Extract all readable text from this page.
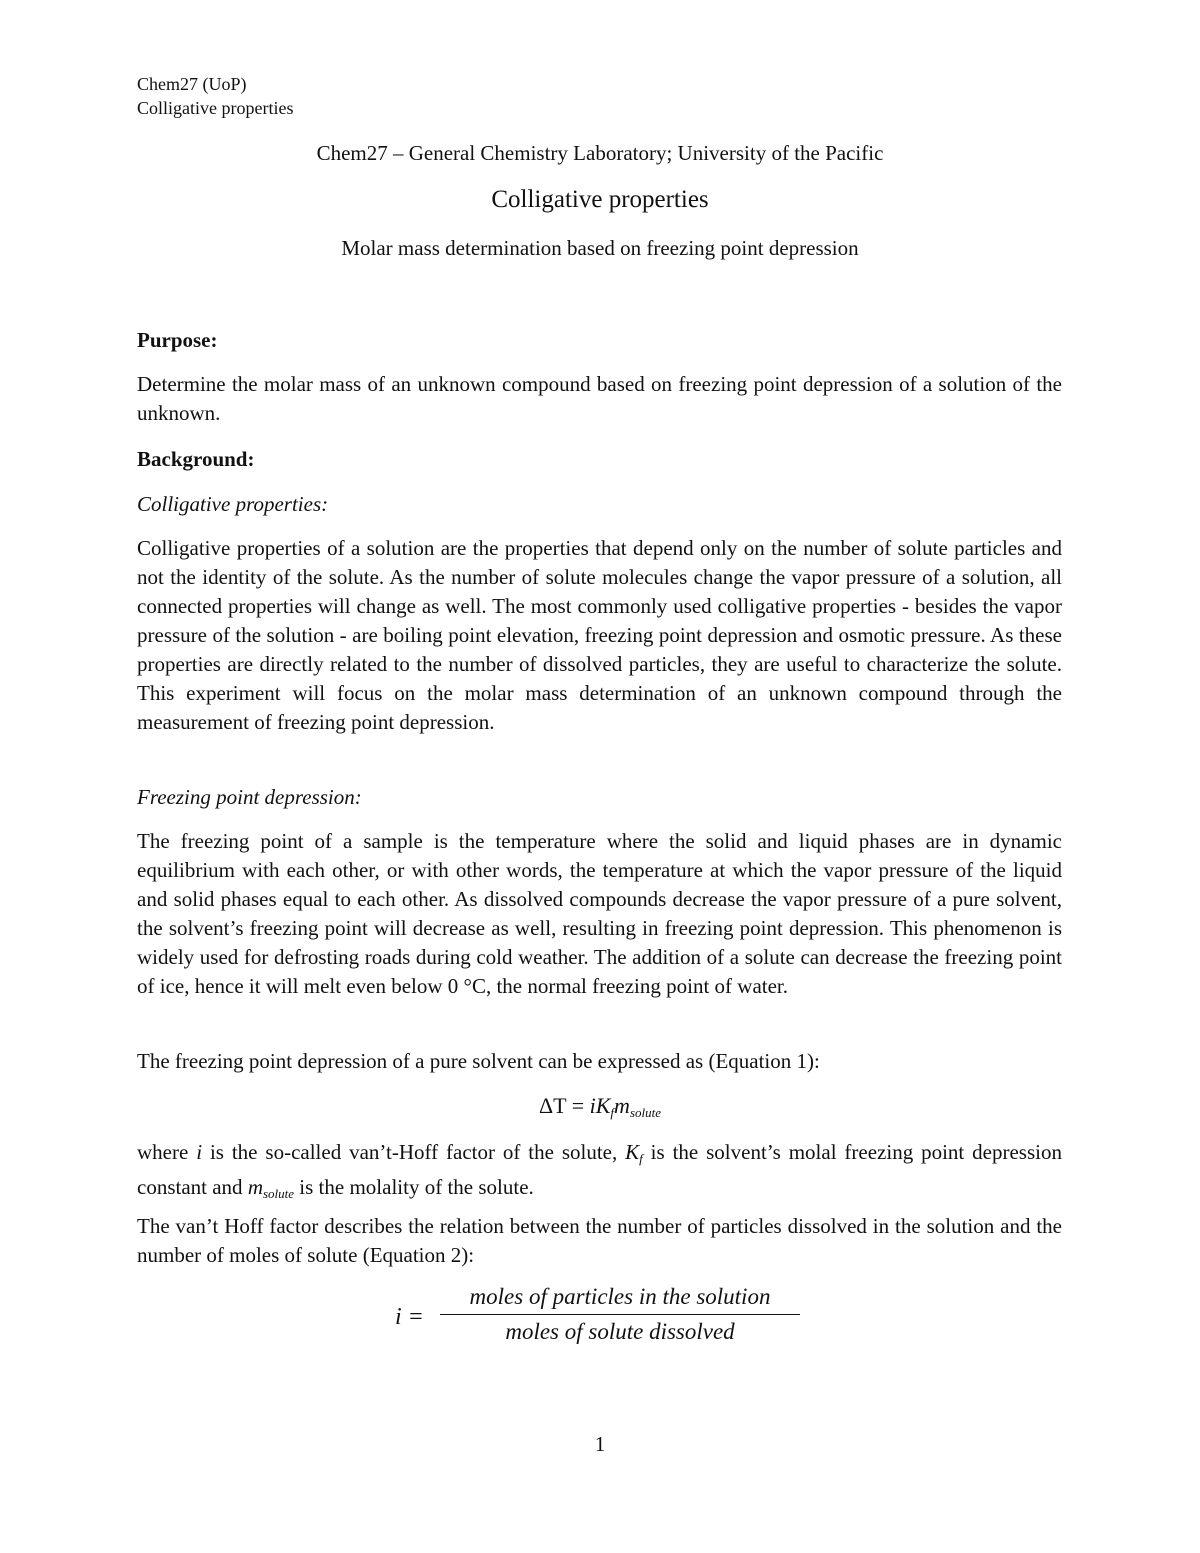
Chem27 (UoP)
Colligative properties
Chem27 – General Chemistry Laboratory; University of the Pacific
Colligative properties
Molar mass determination based on freezing point depression
Purpose:
Determine the molar mass of an unknown compound based on freezing point depression of a solution of the unknown.
Background:
Colligative properties:
Colligative properties of a solution are the properties that depend only on the number of solute particles and not the identity of the solute. As the number of solute molecules change the vapor pressure of a solution, all connected properties will change as well. The most commonly used colligative properties - besides the vapor pressure of the solution - are boiling point elevation, freezing point depression and osmotic pressure. As these properties are directly related to the number of dissolved particles, they are useful to characterize the solute. This experiment will focus on the molar mass determination of an unknown compound through the measurement of freezing point depression.
Freezing point depression:
The freezing point of a sample is the temperature where the solid and liquid phases are in dynamic equilibrium with each other, or with other words, the temperature at which the vapor pressure of the liquid and solid phases equal to each other. As dissolved compounds decrease the vapor pressure of a pure solvent, the solvent’s freezing point will decrease as well, resulting in freezing point depression. This phenomenon is widely used for defrosting roads during cold weather. The addition of a solute can decrease the freezing point of ice, hence it will melt even below 0 °C, the normal freezing point of water.
The freezing point depression of a pure solvent can be expressed as (Equation 1):
$\Delta T = iK_fm_{solute}$
where i is the so-called van’t-Hoff factor of the solute, $K_f$ is the solvent’s molal freezing point depression constant and $m_{solute}$ is the molality of the solute.
The van’t Hoff factor describes the relation between the number of particles dissolved in the solution and the number of moles of solute (Equation 2):
i =
moles of particles in the solution
moles of solute dissolved
1
